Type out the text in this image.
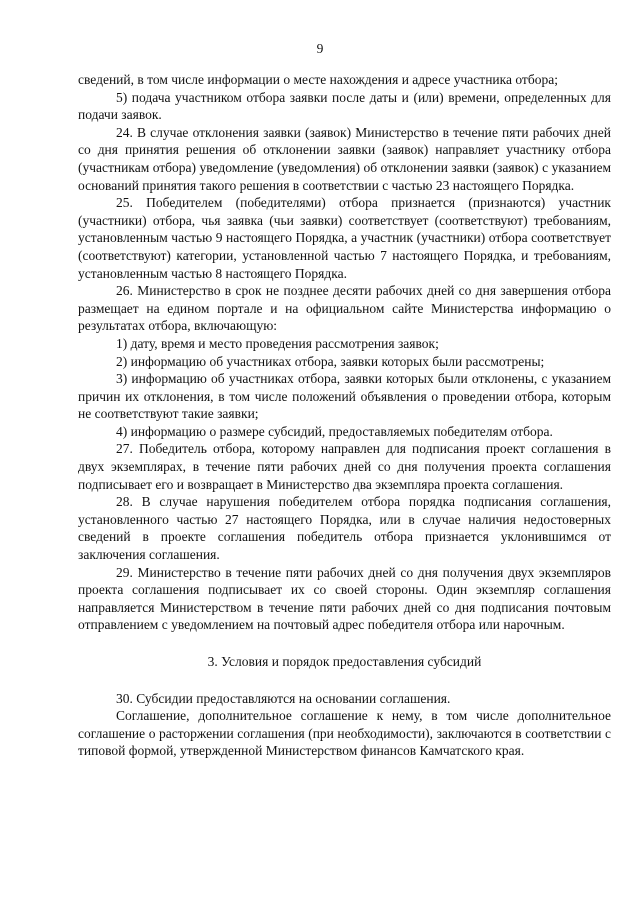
9

сведений, в том числе информации о месте нахождения и адресе участника отбора;

5) подача участником отбора заявки после даты и (или) времени, определенных для подачи заявок.

24. В случае отклонения заявки (заявок) Министерство в течение пяти рабочих дней со дня принятия решения об отклонении заявки (заявок) направляет участнику отбора (участникам отбора) уведомление (уведомления) об отклонении заявки (заявок) с указанием оснований принятия такого решения в соответствии с частью 23 настоящего Порядка.

25. Победителем (победителями) отбора признается (признаются) участник (участники) отбора, чья заявка (чьи заявки) соответствует (соответствуют) требованиям, установленным частью 9 настоящего Порядка, а участник (участники) отбора соответствует (соответствуют) категории, установленной частью 7 настоящего Порядка, и требованиям, установленным частью 8 настоящего Порядка.

26. Министерство в срок не позднее десяти рабочих дней со дня завершения отбора размещает на едином портале и на официальном сайте Министерства информацию о результатах отбора, включающую:

1) дату, время и место проведения рассмотрения заявок;

2) информацию об участниках отбора, заявки которых были рассмотрены;

3) информацию об участниках отбора, заявки которых были отклонены, с указанием причин их отклонения, в том числе положений объявления о проведении отбора, которым не соответствуют такие заявки;

4) информацию о размере субсидий, предоставляемых победителям отбора.

27. Победитель отбора, которому направлен для подписания проект соглашения в двух экземплярах, в течение пяти рабочих дней со дня получения проекта соглашения подписывает его и возвращает в Министерство два экземпляра проекта соглашения.

28. В случае нарушения победителем отбора порядка подписания соглашения, установленного частью 27 настоящего Порядка, или в случае наличия недостоверных сведений в проекте соглашения победитель отбора признается уклонившимся от заключения соглашения.

29. Министерство в течение пяти рабочих дней со дня получения двух экземпляров проекта соглашения подписывает их со своей стороны. Один экземпляр соглашения направляется Министерством в течение пяти рабочих дней со дня подписания почтовым отправлением с уведомлением на почтовый адрес победителя отбора или нарочным.

3. Условия и порядок предоставления субсидий

30. Субсидии предоставляются на основании соглашения.

Соглашение, дополнительное соглашение к нему, в том числе дополнительное соглашение о расторжении соглашения (при необходимости), заключаются в соответствии с типовой формой, утвержденной Министерством финансов Камчатского края.
